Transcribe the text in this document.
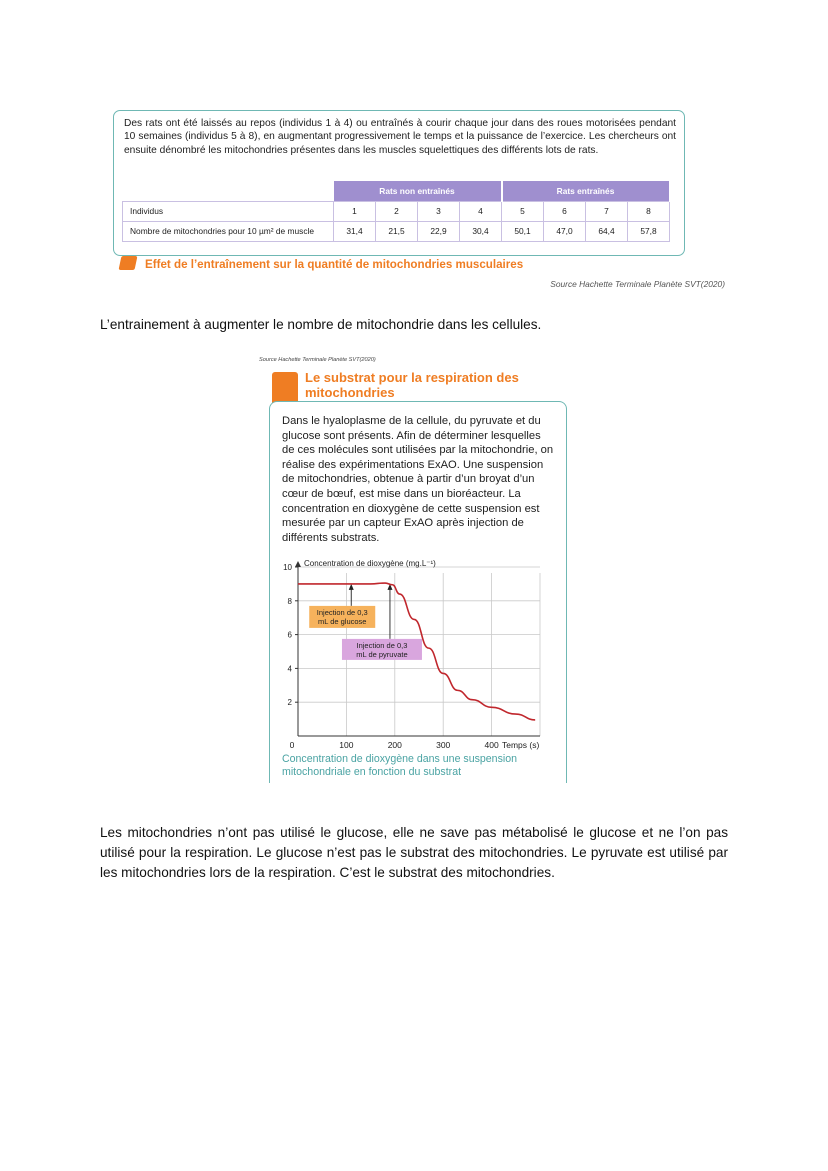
Des rats ont été laissés au repos (individus 1 à 4) ou entraînés à courir chaque jour dans des roues motorisées pendant 10 semaines (individus 5 à 8), en augmentant progressivement le temps et la puissance de l’exercice. Les chercheurs ont ensuite dénombré les mitochondries présentes dans les muscles squelettiques des différents lots de rats.
	Rats non entraînés				Rats entraînés			
Individus	1	2	3	4	5	6	7	8
Nombre de mitochondries pour 10 µm² de muscle	31,4	21,5	22,9	30,4	50,1	47,0	64,4	57,8
Effet de l’entraînement sur la quantité de mitochondries musculaires
Source Hachette Terminale Planète SVT(2020)
L’entrainement à augmenter le nombre de mitochondrie dans les cellules.
Source Hachette Terminale Planète SVT(2020)
Le substrat pour la respiration des mitochondries
Dans le hyaloplasme de la cellule, du pyruvate et du glucose sont présents. Afin de déterminer lesquelles de ces molécules sont utilisées par la mitochondrie, on réalise des expérimentations ExAO. Une suspension de mitochondries, obtenue à partir d’un broyat d’un cœur de bœuf, est mise dans un bioréacteur. La concentration en dioxygène de cette suspension est mesurée par un capteur ExAO après injection de différents substrats.
Concentration de dioxygène (mg.L⁻¹)
2
4
6
8
10
0	100	200	300	400 Temps (s)
Injection de 0,3 mL de glucose
Injection de 0,3 mL de pyruvate
Concentration de dioxygène dans une suspension mitochondriale en fonction du substrat
Les mitochondries n’ont pas utilisé le glucose, elle ne save pas métabolisé le glucose et ne l’on pas utilisé pour la respiration. Le glucose n’est pas le substrat des mitochondries. Le pyruvate est utilisé par les mitochondries lors de la respiration. C’est le substrat des mitochondries.
